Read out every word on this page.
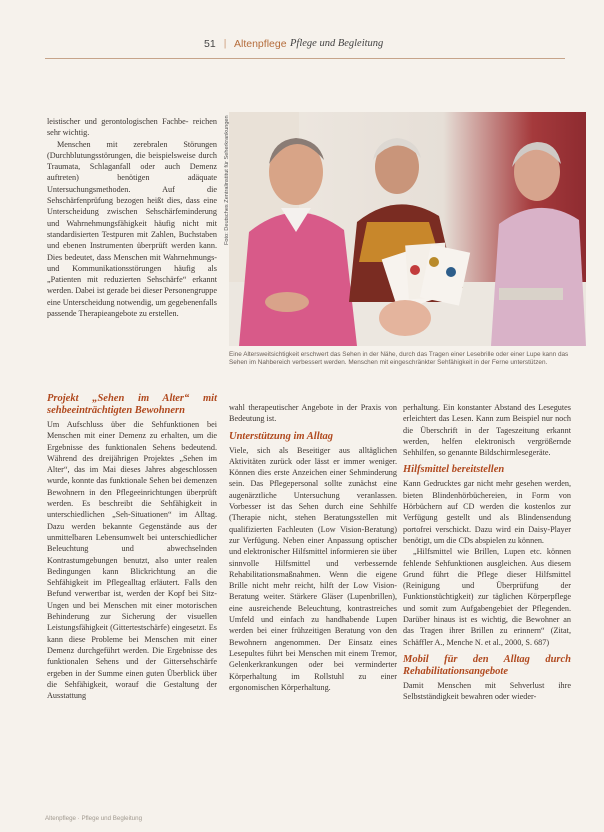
51 | Altenpflege Pflege und Begleitung

leistischer und gerontologischen Fachbe- reichen sehr wichtig.

Menschen mit zerebralen Störungen (Durchblutungsstörungen, die beispielsweise durch Traumata, Schlaganfall oder auch Demenz auftreten) benötigen adäquate Untersuchungsmethoden. Auf die Sehschärfenprüfung bezogen heißt dies, dass eine Unterscheidung zwischen Sehschärfeminderung und Wahrnehmungsfähigkeit häufig nicht mit standardisierten Testpuren mit Zahlen, Buchstaben und ebenen Instrumenten überprüft werden kann. Dies bedeutet, dass Menschen mit Wahrnehmungs- und Kommunikationsstörungen häufig als „Patienten mit reduzierten Sehschärfe“ erkannt werden. Dabei ist gerade bei dieser Personengruppe eine Unterscheidung notwendig, um gegebenenfalls passende Therapieangebote zu erstellen.

Projekt „Sehen im Alter“ mit sehbeeinträchtigten Bewohnern

Um Aufschluss über die Sehfunktionen bei Menschen mit einer Demenz zu erhalten, um die Ergebnisse des funktionalen Sehens bedeutend. Während des dreijährigen Projektes „Sehen im Alter“, das im Mai dieses Jahres abgeschlossen wurde, konnte das funktionale Sehen bei demenzen Bewohnern in den Pflegeeinrichtungen überprüft werden. Es beschreibt die Sehfähigkeit in unterschiedlichen „Seh-Situationen“ im Alltag. Dazu werden bekannte Gegenstände aus der unmittelbaren Lebensumwelt bei unterschiedlicher Beleuchtung und abwechselnden Kontrastumgebungen benutzt, also unter realen Bedingungen kann Blickrichtung an die Sehfähigkeit im Pflegealltag erläutert. Falls den Befund verwertbar ist, werden der Kopf bei Sitz-Ungen und bei Menschen mit einer motorischen Behinderung zur Sicherung der visuellen Leistungsfähigkeit (Gittertestschärfe) eingesetzt. Es kann diese Probleme bei Menschen mit einer Demenz durchgeführt werden. Die Ergebnisse des funktionalen Sehens und der Gittersehschärfe ergeben in der Summe einen guten Überblick über die Sehfähigkeit, worauf die Gestaltung der Ausstattung

Foto: Deutsches Zentralinstitut für Seherkrankungen
Eine Altersweitsichtigkeit erschwert das Sehen in der Nähe, durch das Tragen einer Lesebrille oder einer Lupe kann das Sehen im Nahbereich verbessert werden. Menschen mit eingeschränkter Sehfähigkeit in der Ferne unterstützen.

wahl therapeutischer Angebote in der Praxis von Bedeutung ist.

Unterstützung im Alltag

Viele, sich als Beseitiger aus alltäglichen Aktivitäten zurück oder lässt er immer weniger. Können dies erste Anzeichen einer Sehminderung sein. Das Pflegepersonal sollte zunächst eine augenärztliche Untersuchung veranlassen. Vorbesser ist das Sehen durch eine Sehhilfe (Therapie nicht, stehen Beratungsstellen mit qualifizierten Fachleuten (Low Vision-Beratung) zur Verfügung. Neben einer Anpassung optischer und elektronischer Hilfsmittel informieren sie über sinnvolle Hilfsmittel und verbessernde Rehabilitationsmaßnahmen. Wenn die eigene Brille nicht mehr reicht, hilft der Low Vision-Beratung weiter. Stärkere Gläser (Lupenbrillen), eine ausreichende Beleuchtung, kontrastreiches Umfeld und einfach zu handhabende Lupen werden bei einer frühzeitigen Beratung von den Bewohnern angenommen. Der Einsatz eines Lesepultes führt bei Menschen mit einem Tremor, Gelenkerkrankungen oder bei verminderter Körperhaltung im Rollstuhl zu einer ergonomischen Körperhaltung.

perhaltung. Ein konstanter Abstand des Lesegutes erleichtert das Lesen. Kann zum Beispiel nur noch die Überschrift in der Tageszeitung erkannt werden, helfen elektronisch vergrößernde Sehhilfen, so genannte Bildschirmlesegeräte.

Hilfsmittel bereitstellen

Kann Gedrucktes gar nicht mehr gesehen werden, bieten Blindenhörbüchereien, in Form von Hörbüchern auf CD werden die kostenlos zur Verfügung gestellt und als Blindensendung portofrei verschickt. Dazu wird ein Daisy-Player benötigt, um die CDs abspielen zu können.

„Hilfsmittel wie Brillen, Lupen etc. können fehlende Sehfunktionen ausgleichen. Aus diesem Grund führt die Pflege dieser Hilfsmittel (Reinigung und Überprüfung der Funktionstüchtigkeit) zur täglichen Körperpflege und somit zum Aufgabengebiet der Pflegenden. Darüber hinaus ist es wichtig, die Bewohner an das Tragen ihrer Brillen zu erinnern“ (Zitat, Schäffler A., Menche N. et al., 2000, S. 687)

Mobil für den Alltag durch Rehabilitationsangebote

Damit Menschen mit Sehverlust ihre Selbstständigkeit bewahren oder wieder-

Altenpflege · Pflege und Begleitung
